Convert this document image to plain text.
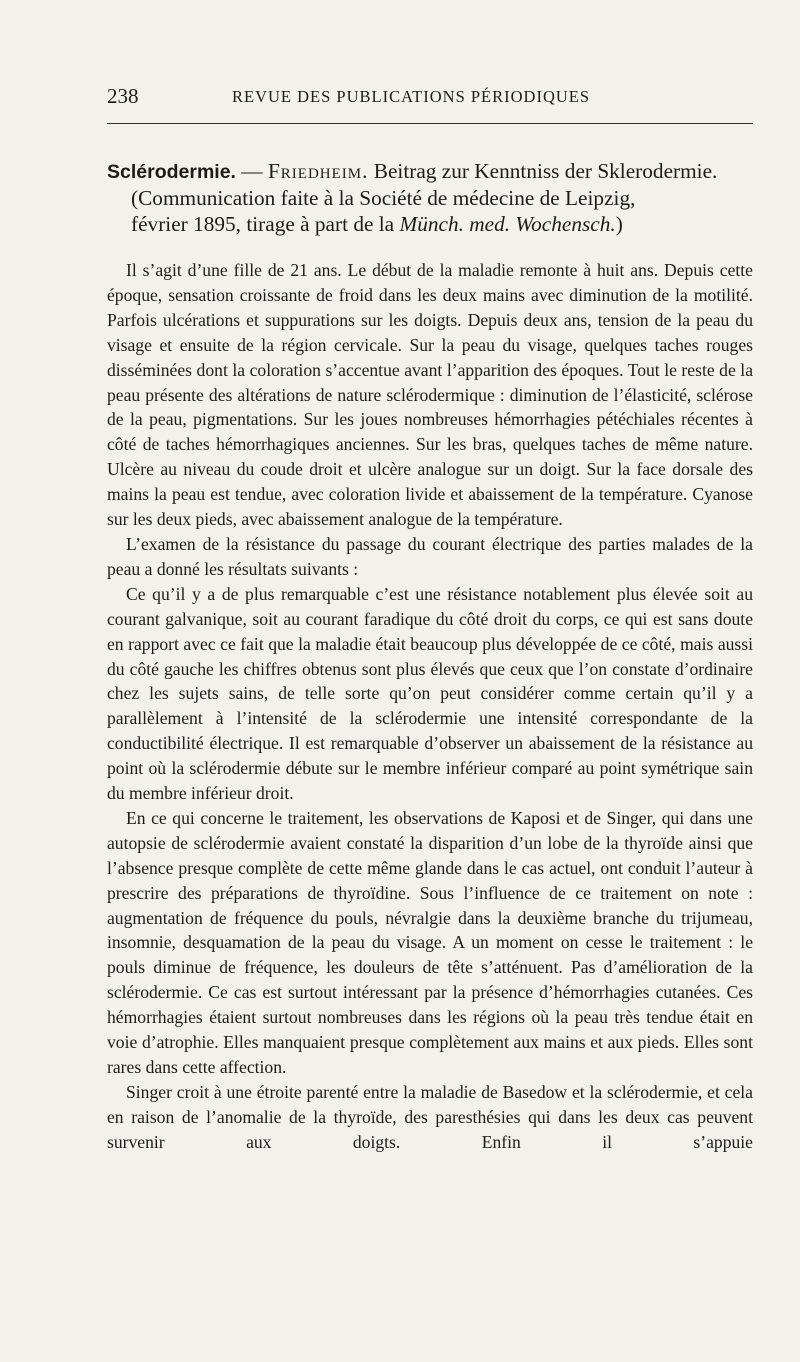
238	REVUE DES PUBLICATIONS PÉRIODIQUES

Sclérodermie. — Friedheim. Beitrag zur Kenntniss der Sklerodermie.

(Communication faite à la Société de médecine de Leipzig,

février 1895, tirage à part de la Münch. med. Wochensch.)

Il s’agit d’une fille de 21 ans. Le début de la maladie remonte à huit ans. Depuis cette époque, sensation croissante de froid dans les deux mains avec diminution de la motilité. Parfois ulcérations et suppurations sur les doigts. Depuis deux ans, tension de la peau du visage et ensuite de la région cervicale. Sur la peau du visage, quelques taches rouges disséminées dont la coloration s’accentue avant l’apparition des époques. Tout le reste de la peau présente des altérations de nature sclérodermique : diminution de l’élasticité, sclérose de la peau, pigmentations. Sur les joues nombreuses hémorrhagies pétéchiales récentes à côté de taches hémorrhagiques anciennes. Sur les bras, quelques taches de même nature. Ulcère au niveau du coude droit et ulcère analogue sur un doigt. Sur la face dorsale des mains la peau est tendue, avec coloration livide et abaissement de la température. Cyanose sur les deux pieds, avec abaissement analogue de la température.

L’examen de la résistance du passage du courant électrique des parties malades de la peau a donné les résultats suivants :

Ce qu’il y a de plus remarquable c’est une résistance notablement plus élevée soit au courant galvanique, soit au courant faradique du côté droit du corps, ce qui est sans doute en rapport avec ce fait que la maladie était beaucoup plus développée de ce côté, mais aussi du côté gauche les chiffres obtenus sont plus élevés que ceux que l’on constate d’ordinaire chez les sujets sains, de telle sorte qu’on peut considérer comme certain qu’il y a parallèlement à l’intensité de la sclérodermie une intensité correspondante de la conductibilité électrique. Il est remarquable d’observer un abaissement de la résistance au point où la sclérodermie débute sur le membre inférieur comparé au point symétrique sain du membre inférieur droit.

En ce qui concerne le traitement, les observations de Kaposi et de Singer, qui dans une autopsie de sclérodermie avaient constaté la disparition d’un lobe de la thyroïde ainsi que l’absence presque complète de cette même glande dans le cas actuel, ont conduit l’auteur à prescrire des préparations de thyroïdine. Sous l’influence de ce traitement on note : augmentation de fréquence du pouls, névralgie dans la deuxième branche du trijumeau, insomnie, desquamation de la peau du visage. A un moment on cesse le traitement : le pouls diminue de fréquence, les douleurs de tête s’atténuent. Pas d’amélioration de la sclérodermie. Ce cas est surtout intéressant par la présence d’hémorrhagies cutanées. Ces hémorrhagies étaient surtout nombreuses dans les régions où la peau très tendue était en voie d’atrophie. Elles manquaient presque complètement aux mains et aux pieds. Elles sont rares dans cette affection.

Singer croit à une étroite parenté entre la maladie de Basedow et la sclérodermie, et cela en raison de l’anomalie de la thyroïde, des paresthésies qui dans les deux cas peuvent survenir aux doigts. Enfin il s’appuie
